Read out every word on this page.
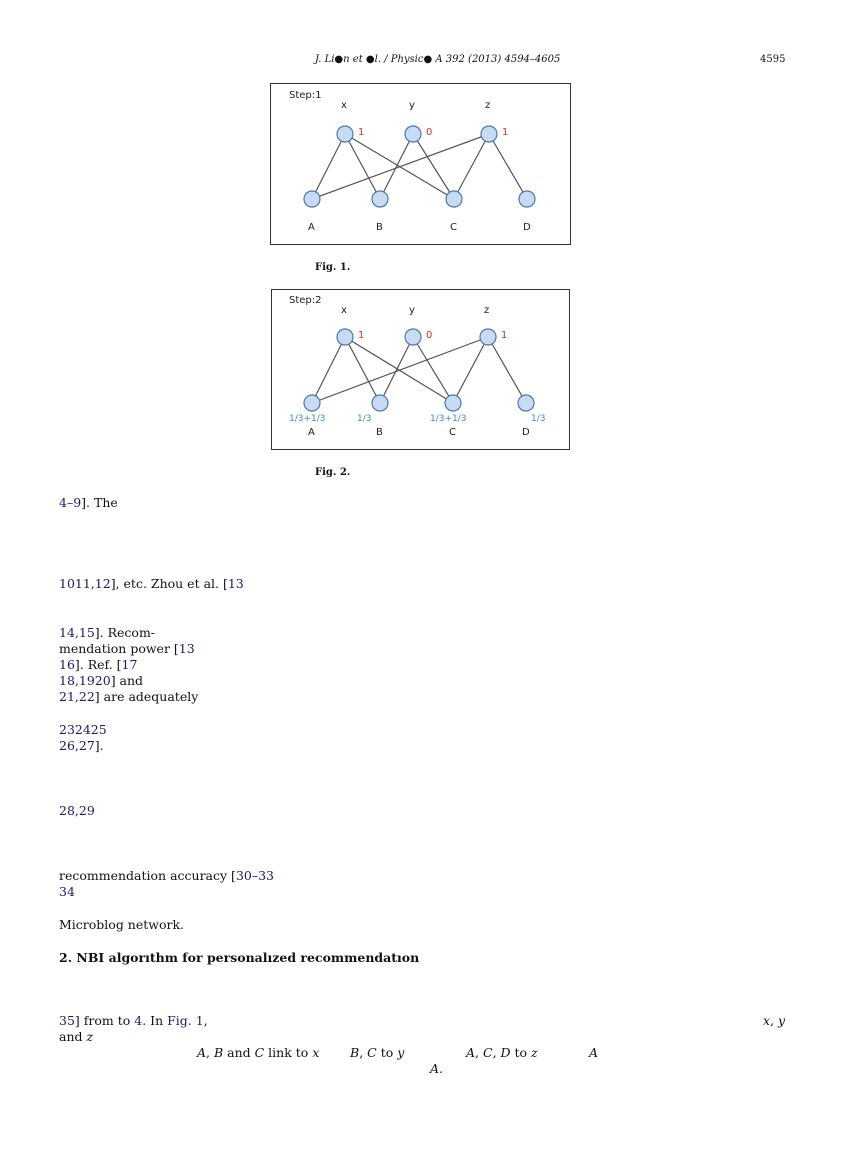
J. Li●n et ●l. / Physic● A 392 (2013) 4594–4605	4595
Step:1
x	y	z
1	0	1
A	B	C	D
Fig. 1.
Step:2
x	y	z
1	0	1
1/3+1/3	1/3	1/3+1/3	1/3
A	B	C	D
Fig. 2.
4–9]. The
1011,12], etc. Zhou et al. [13
14,15]. Recom-
mendation power [13
16]. Ref. [17
18,1920] and
21,22] are adequately
232425
26,27].
28,29
recommendation accuracy [30–33
34
Microblog network.
2. NBI algorıthm for personalızed recommendatıon
35] from to 4. In Fig. 1,	x, y
and z
A, B and C link to x B, C to y	A, C, D to z	A
A.
